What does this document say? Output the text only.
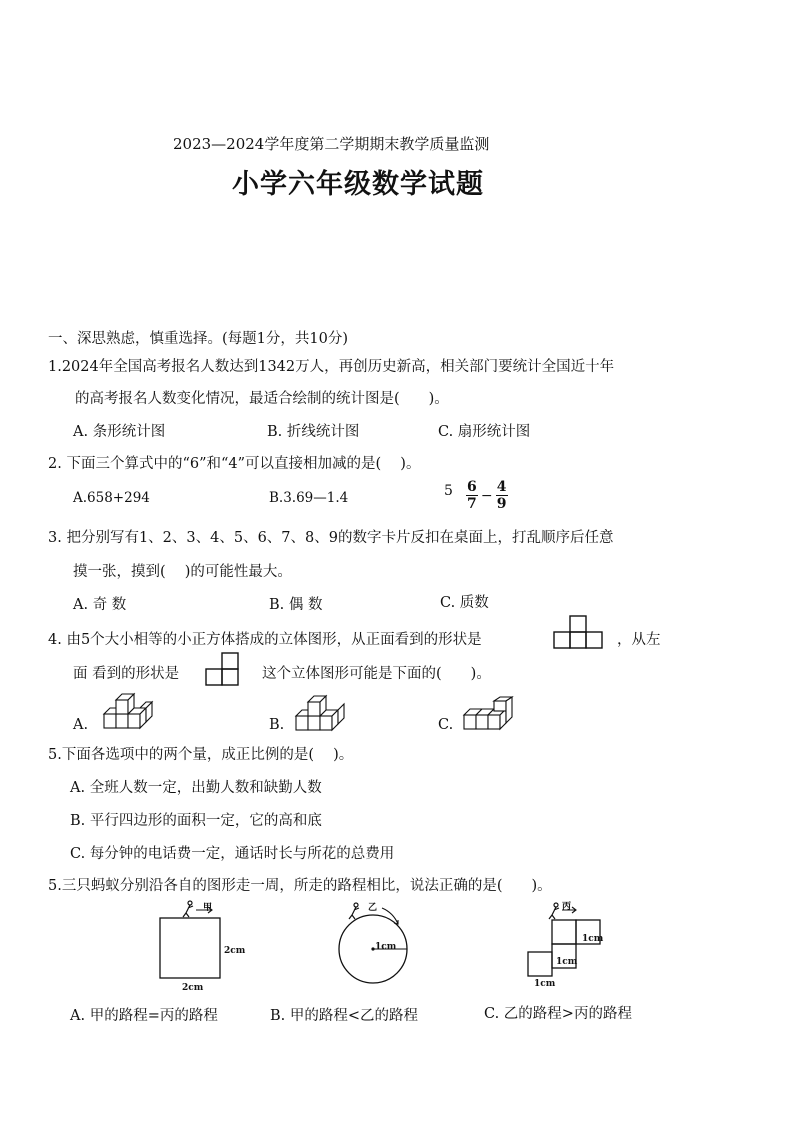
2023—2024学年度第二学期期末教学质量监测
小学六年级数学试题
一、深思熟虑，慎重选择。(每题1分，共10分)
1.2024年全国高考报名人数达到1342万人，再创历史新高，相关部门要统计全国近十年
的高考报名人数变化情况，最适合绘制的统计图是(　　)。
A. 条形统计图	B. 折线统计图	C. 扇形统计图
2. 下面三个算式中的“6”和“4”可以直接相加减的是(　 )。
A.658+294	B.3.69—1.4	$5 \frac{6}{7} - \frac{4}{9}$
3. 把分别写有1、2、3、4、5、6、7、8、9的数字卡片反扣在桌面上，打乱顺序后任意
摸一张，摸到(　 )的可能性最大。
A. 奇 数	B. 偶 数	C. 质数
4. 由5个大小相等的小正方体搭成的立体图形，从正面看到的形状是	，从左
面 看到的形状是	这个立体图形可能是下面的(　　)。
A.	B.	C.
5.下面各选项中的两个量，成正比例的是(　 )。
A. 全班人数一定，出勤人数和缺勤人数
B. 平行四边形的面积一定，它的高和底
C. 每分钟的电话费一定，通话时长与所花的总费用
5.三只蚂蚁分别沿各自的图形走一周，所走的路程相比，说法正确的是(　　)。
甲
2cm
2cm
乙
1cm
丙
1cm
1cm
1cm
A. 甲的路程=丙的路程	B. 甲的路程<乙的路程	C. 乙的路程>丙的路程
